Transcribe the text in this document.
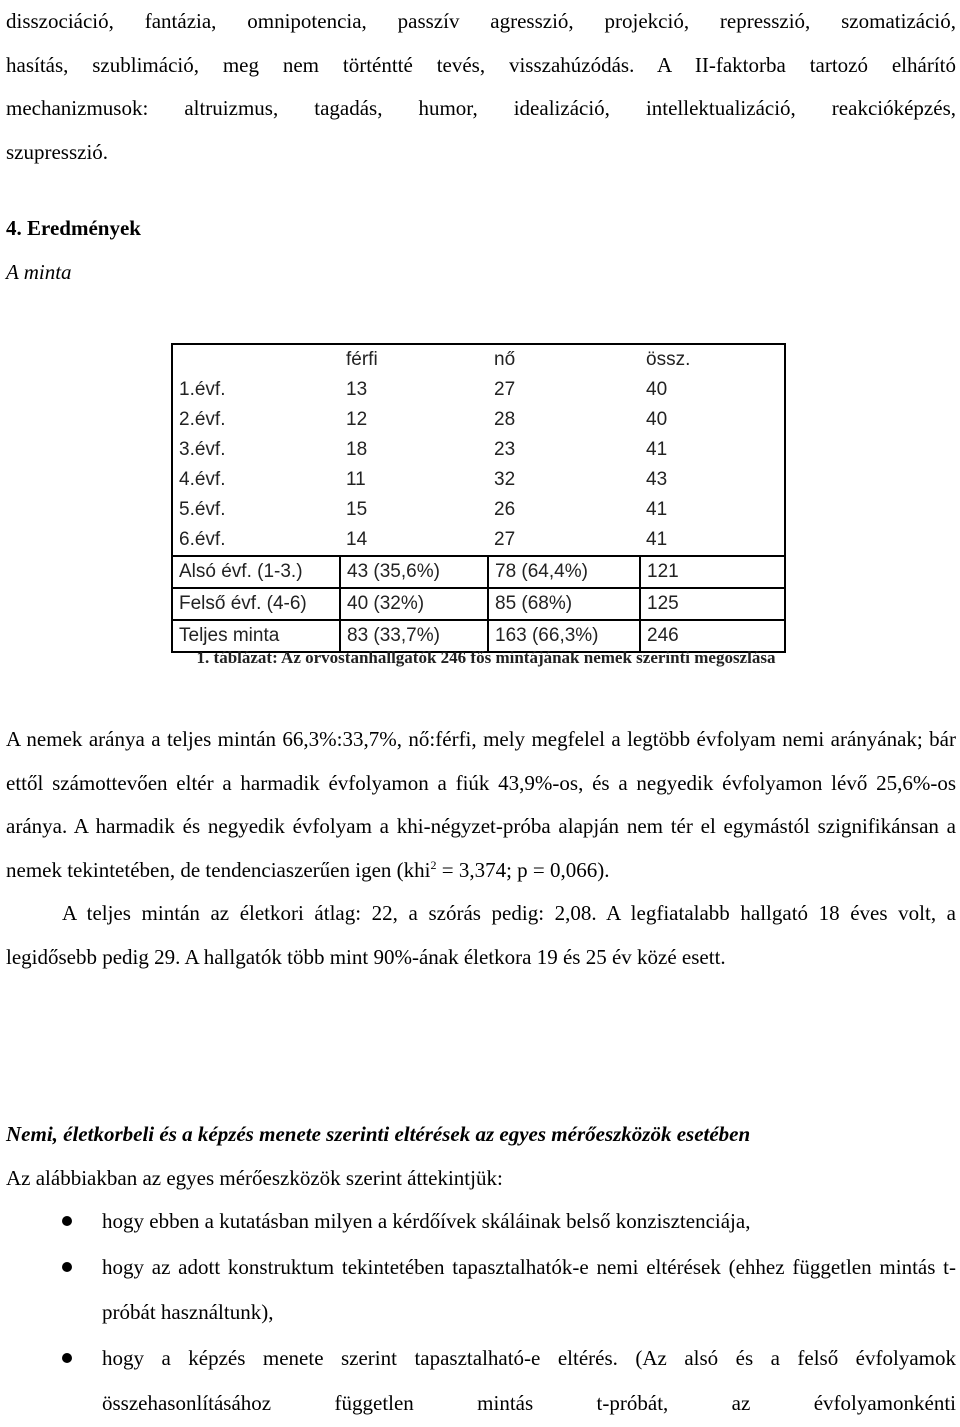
disszociáció, fantázia, omnipotencia, passzív agresszió, projekció, represszió, szomatizáció,

hasítás, szublimáció, meg nem történtté tevés, visszahúzódás. A II-faktorba tartozó elhárító

mechanizmusok: altruizmus, tagadás, humor, idealizáció, intellektualizáció, reakcióképzés,

szupresszió.

4. Eredmények
A minta
	férfi	nő	össz.
1.évf.	13	27	40
2.évf.	12	28	40
3.évf.	18	23	41
4.évf.	11	32	43
5.évf.	15	26	41
6.évf.	14	27	41
Alsó évf. (1-3.)	43 (35,6%)	78 (64,4%)	121
Felső évf. (4-6)	40 (32%)	85 (68%)	125
Teljes minta	83 (33,7%)	163 (66,3%)	246
1. táblázat: Az orvostanhallgatók 246 fős mintájának nemek szerinti megoszlása

A nemek aránya a teljes mintán 66,3%:33,7%, nő:férfi, mely megfelel a legtöbb évfolyam nemi arányának; bár ettől számottevően eltér a harmadik évfolyamon a fiúk 43,9%-os, és a negyedik évfolyamon lévő 25,6%-os aránya. A harmadik és negyedik évfolyam a khi-négyzet-próba alapján nem tér el egymástól szignifikánsan a nemek tekintetében, de tendenciaszerűen igen (khi$^2$ = 3,374; p = 0,066).

A teljes mintán az életkori átlag: 22, a szórás pedig: 2,08. A legfiatalabb hallgató 18 éves volt, a legidősebb pedig 29. A hallgatók több mint 90%-ának életkora 19 és 25 év közé esett.

Nemi, életkorbeli és a képzés menete szerinti eltérések az egyes mérőeszközök esetében
Az alábbiakban az egyes mérőeszközök szerint áttekintjük:
hogy ebben a kutatásban milyen a kérdőívek skáláinak belső konzisztenciája,
hogy az adott konstruktum tekintetében tapasztalhatók-e nemi eltérések (ehhez független mintás t-próbát használtunk),
hogy a képzés menete szerint tapasztalható-e eltérés. (Az alsó és a felső évfolyamok összehasonlításához független mintás t-próbát, az évfolyamonkénti
